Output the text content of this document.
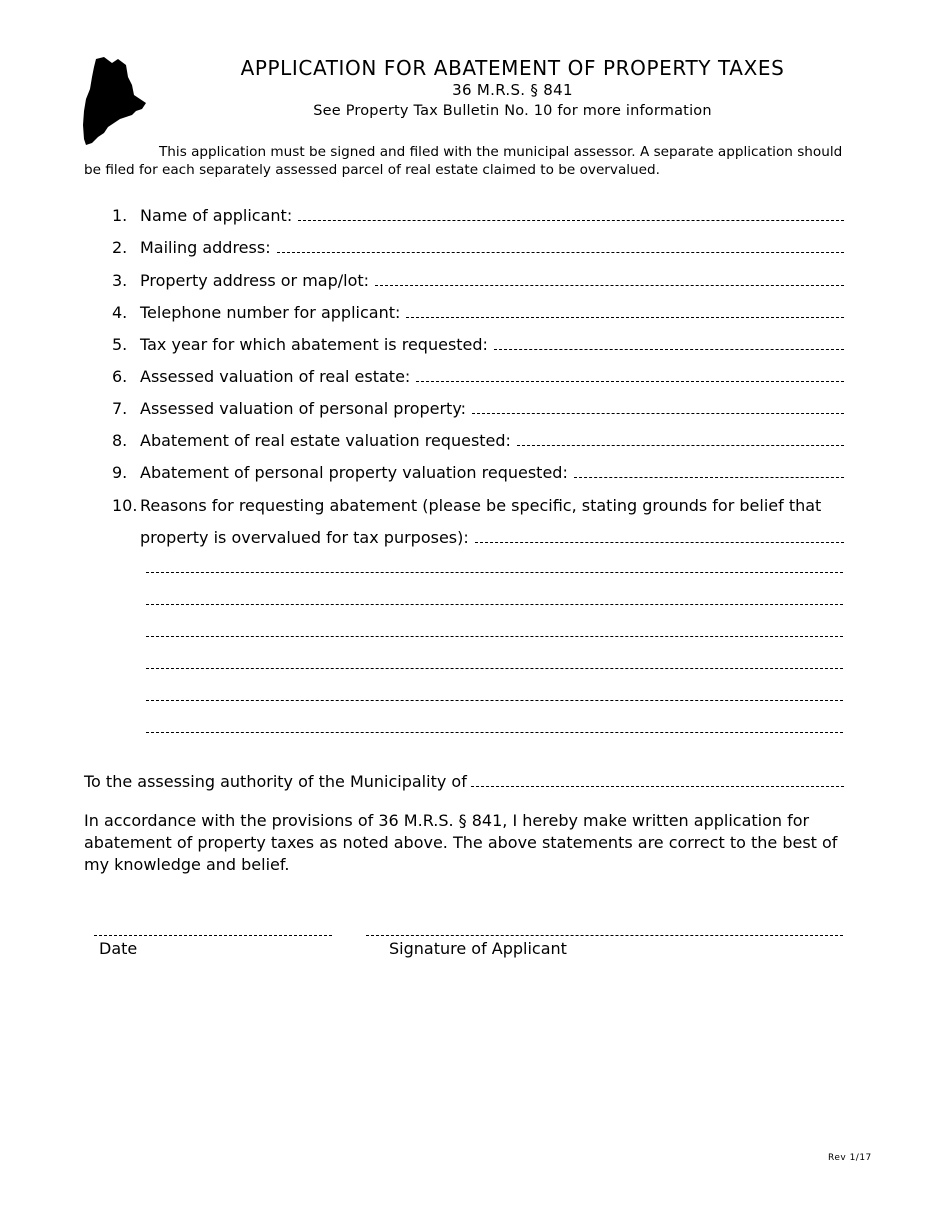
APPLICATION FOR ABATEMENT OF PROPERTY TAXES
36 M.R.S. § 841
See Property Tax Bulletin No. 10 for more information
This application must be signed and filed with the municipal assessor. A separate application should be filed for each separately assessed parcel of real estate claimed to be overvalued.
1. Name of applicant:
2. Mailing address:
3. Property address or map/lot:
4. Telephone number for applicant:
5. Tax year for which abatement is requested:
6. Assessed valuation of real estate:
7. Assessed valuation of personal property:
8. Abatement of real estate valuation requested:
9. Abatement of personal property valuation requested:
10. Reasons for requesting abatement (please be specific, stating grounds for belief that
property is overvalued for tax purposes):
To the assessing authority of the Municipality of
In accordance with the provisions of 36 M.R.S. § 841, I hereby make written application for abatement of property taxes as noted above. The above statements are correct to the best of my knowledge and belief.
Date	Signature of Applicant
Rev 1/17
